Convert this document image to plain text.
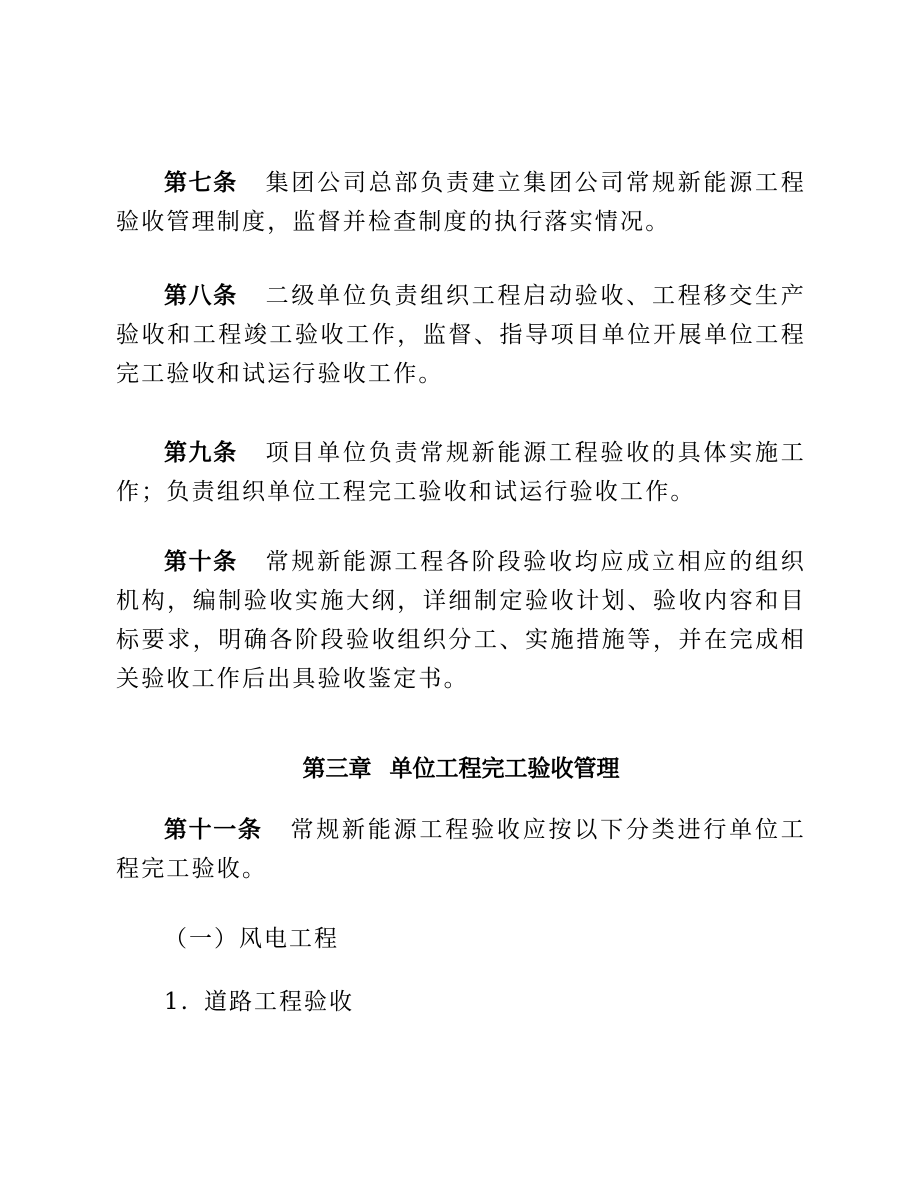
第七条 集团公司总部负责建立集团公司常规新能源工程验收管理制度，监督并检查制度的执行落实情况。

第八条 二级单位负责组织工程启动验收、工程移交生产验收和工程竣工验收工作，监督、指导项目单位开展单位工程完工验收和试运行验收工作。

第九条 项目单位负责常规新能源工程验收的具体实施工作；负责组织单位工程完工验收和试运行验收工作。

第十条 常规新能源工程各阶段验收均应成立相应的组织机构，编制验收实施大纲，详细制定验收计划、验收内容和目标要求，明确各阶段验收组织分工、实施措施等，并在完成相关验收工作后出具验收鉴定书。

第三章 单位工程完工验收管理

第十一条 常规新能源工程验收应按以下分类进行单位工程完工验收。

（一）风电工程

1. 道路工程验收
